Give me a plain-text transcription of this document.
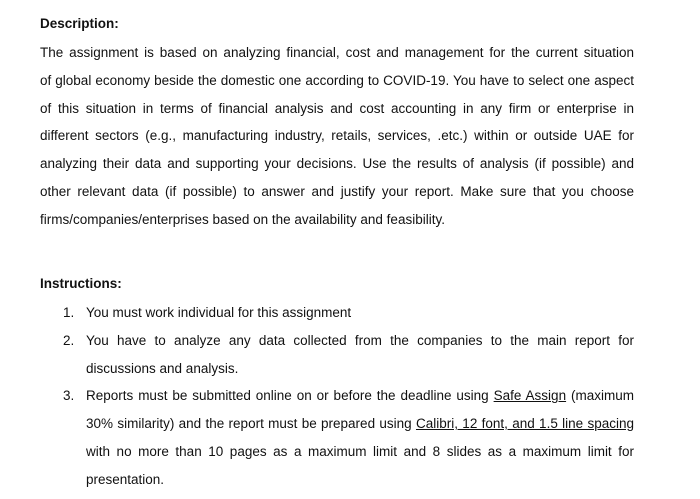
Description:
The assignment is based on analyzing financial, cost and management for the current situation
of global economy beside the domestic one according to COVID-19. You have to select one aspect
of this situation in terms of financial analysis and cost accounting in any firm or enterprise in
different sectors (e.g., manufacturing industry, retails, services, .etc.) within or outside UAE for
analyzing their data and supporting your decisions. Use the results of analysis (if possible) and
other relevant data (if possible) to answer and justify your report. Make sure that you choose
firms/companies/enterprises based on the availability and feasibility.
Instructions:
1. You must work individual for this assignment
2. You have to analyze any data collected from the companies to the main report for
discussions and analysis.
3. Reports must be submitted online on or before the deadline using Safe Assign (maximum
30% similarity) and the report must be prepared using Calibri, 12 font, and 1.5 line spacing
with no more than 10 pages as a maximum limit and 8 slides as a maximum limit for
presentation.
